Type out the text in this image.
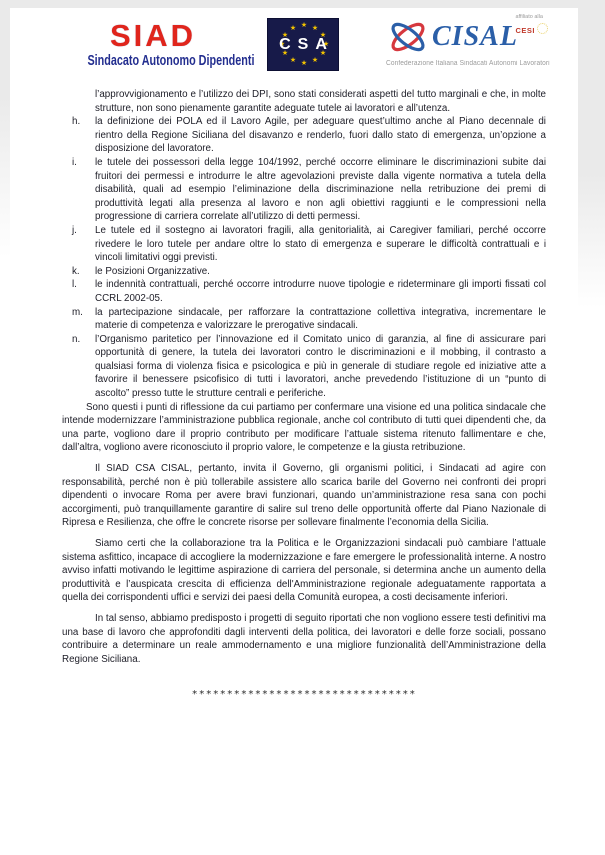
SIAD
Sindacato Autonomo Dipendenti
★
★
★
★
★
★
★
★
★
★
★
★
CSA	CISAL
affiliato alla
CESI
Confederazione Italiana Sindacati Autonomi Lavoratori

l’approvvigionamento e l’utilizzo dei DPI, sono stati considerati aspetti del tutto marginali e che, in molte strutture, non sono pienamente garantite adeguate tutele ai lavoratori e all’utenza.

h. la definizione dei POLA ed il Lavoro Agile, per adeguare quest’ultimo anche al Piano decennale di rientro della Regione Siciliana del disavanzo e renderlo, fuori dallo stato di emergenza, un’opzione a disposizione del lavoratore.
i. le tutele dei possessori della legge 104/1992, perché occorre eliminare le discriminazioni subite dai fruitori dei permessi e introdurre le altre agevolazioni previste dalla vigente normativa a tutela della disabilità, quali ad esempio l’eliminazione della discriminazione nella retribuzione dei premi di produttività legati alla presenza al lavoro e non agli obiettivi raggiunti e le compressioni nella progressione di carriera correlate all’utilizzo di detti permessi.
j. Le tutele ed il sostegno ai lavoratori fragili, alla genitorialità, ai Caregiver familiari, perché occorre rivedere le loro tutele per andare oltre lo stato di emergenza e superare le difficoltà contrattuali e i vincoli limitativi oggi previsti.
k. le Posizioni Organizzative.
l. le indennità contrattuali, perché occorre introdurre nuove tipologie e rideterminare gli importi fissati col CCRL 2002-05.
m. la partecipazione sindacale, per rafforzare la contrattazione collettiva integrativa, incrementare le materie di competenza e valorizzare le prerogative sindacali.
n. l’Organismo paritetico per l’innovazione ed il Comitato unico di garanzia, al fine di assicurare pari opportunità di genere, la tutela dei lavoratori contro le discriminazioni e il mobbing, il contrasto a qualsiasi forma di violenza fisica e psicologica e più in generale di studiare regole ed iniziative atte a favorire il benessere psicofisico di tutti i lavoratori, anche prevedendo l’istituzione di un “punto di ascolto” presso tutte le strutture centrali e periferiche.

Sono questi i punti di riflessione da cui partiamo per confermare una visione ed una politica sindacale che intende modernizzare l’amministrazione pubblica regionale, anche col contributo di tutti quei dipendenti che, da una parte, vogliono dare il proprio contributo per modificare l’attuale sistema ritenuto fallimentare e che, dall’altra, vogliono avere riconosciuto il proprio valore, le competenze e la giusta retribuzione.

Il SIAD CSA CISAL, pertanto, invita il Governo, gli organismi politici, i Sindacati ad agire con responsabilità, perché non è più tollerabile assistere allo scarica barile del Governo nei confronti dei propri dipendenti o invocare Roma per avere bravi funzionari, quando un’amministrazione resa sana con pochi accorgimenti, può tranquillamente garantire di salire sul treno delle opportunità offerte dal Piano Nazionale di Ripresa e Resilienza, che offre le concrete risorse per sollevare finalmente l’economia della Sicilia.

Siamo certi che la collaborazione tra la Politica e le Organizzazioni sindacali può cambiare l’attuale sistema asfittico, incapace di accogliere la modernizzazione e fare emergere le professionalità interne. A nostro avviso infatti motivando le legittime aspirazione di carriera del personale, si determina anche un aumento della produttività e l’auspicata crescita di efficienza dell'Amministrazione regionale adeguatamente rapportata a quella dei corrispondenti uffici e servizi dei paesi della Comunità europea, a costi decisamente inferiori.

In tal senso, abbiamo predisposto i progetti di seguito riportati che non vogliono essere testi definitivi ma una base di lavoro che approfonditi dagli interventi della politica, dei lavoratori e delle forze sociali, possano contribuire a determinare un reale ammodernamento e una migliore funzionalità dell’Amministrazione della Regione Siciliana.

********************************
